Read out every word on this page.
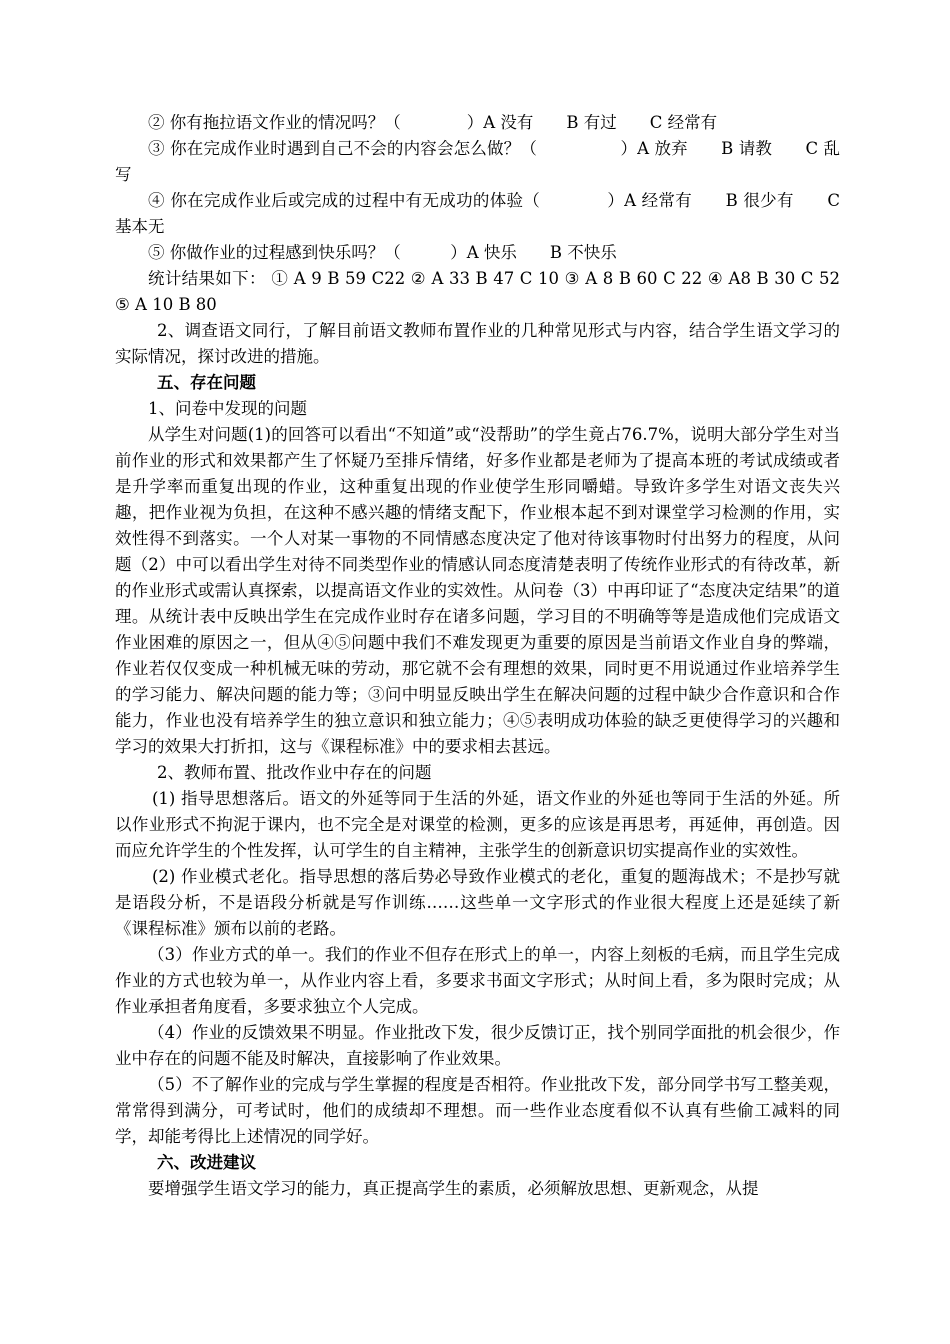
② 你有拖拉语文作业的情况吗？（　　　　）A 没有　　B 有过　　C 经常有

③ 你在完成作业时遇到自己不会的内容会怎么做？（　　　　　）A 放弃　　B 请教　　C 乱写

④ 你在完成作业后或完成的过程中有无成功的体验（　　　　）A 经常有　　B 很少有　　C 基本无

⑤ 你做作业的过程感到快乐吗？（　　　）A 快乐　　B 不快乐

统计结果如下： ① A 9 B 59 C22 ② A 33 B 47 C 10 ③ A 8 B 60 C 22 ④ A8 B 30 C 52 ⑤ A 10 B 80

2、调查语文同行，了解目前语文教师布置作业的几种常见形式与内容，结合学生语文学习的实际情况，探讨改进的措施。

五、存在问题

1、问卷中发现的问题

从学生对问题(1)的回答可以看出“不知道”或“没帮助”的学生竟占76.7%，说明大部分学生对当前作业的形式和效果都产生了怀疑乃至排斥情绪，好多作业都是老师为了提高本班的考试成绩或者是升学率而重复出现的作业，这种重复出现的作业使学生形同嚼蜡。导致许多学生对语文丧失兴趣，把作业视为负担，在这种不感兴趣的情绪支配下，作业根本起不到对课堂学习检测的作用，实效性得不到落实。一个人对某一事物的不同情感态度决定了他对待该事物时付出努力的程度，从问题（2）中可以看出学生对待不同类型作业的情感认同态度清楚表明了传统作业形式的有待改革，新的作业形式或需认真探索，以提高语文作业的实效性。从问卷（3）中再印证了“态度决定结果”的道理。从统计表中反映出学生在完成作业时存在诸多问题，学习目的不明确等等是造成他们完成语文作业困难的原因之一，但从④⑤问题中我们不难发现更为重要的原因是当前语文作业自身的弊端，作业若仅仅变成一种机械无味的劳动，那它就不会有理想的效果，同时更不用说通过作业培养学生的学习能力、解决问题的能力等；③问中明显反映出学生在解决问题的过程中缺少合作意识和合作能力，作业也没有培养学生的独立意识和独立能力；④⑤表明成功体验的缺乏更使得学习的兴趣和学习的效果大打折扣，这与《课程标准》中的要求相去甚远。

2、教师布置、批改作业中存在的问题

(1) 指导思想落后。语文的外延等同于生活的外延，语文作业的外延也等同于生活的外延。所以作业形式不拘泥于课内，也不完全是对课堂的检测，更多的应该是再思考，再延伸，再创造。因而应允许学生的个性发挥，认可学生的自主精神，主张学生的创新意识切实提高作业的实效性。

(2) 作业模式老化。指导思想的落后势必导致作业模式的老化，重复的题海战术；不是抄写就是语段分析，不是语段分析就是写作训练……这些单一文字形式的作业很大程度上还是延续了新《课程标准》颁布以前的老路。

（3）作业方式的单一。我们的作业不但存在形式上的单一，内容上刻板的毛病，而且学生完成作业的方式也较为单一，从作业内容上看，多要求书面文字形式；从时间上看，多为限时完成；从作业承担者角度看，多要求独立个人完成。

（4）作业的反馈效果不明显。作业批改下发，很少反馈订正，找个别同学面批的机会很少，作业中存在的问题不能及时解决，直接影响了作业效果。

（5）不了解作业的完成与学生掌握的程度是否相符。作业批改下发，部分同学书写工整美观，常常得到满分，可考试时，他们的成绩却不理想。而一些作业态度看似不认真有些偷工减料的同学，却能考得比上述情况的同学好。

六、改进建议

要增强学生语文学习的能力，真正提高学生的素质，必须解放思想、更新观念，从提
